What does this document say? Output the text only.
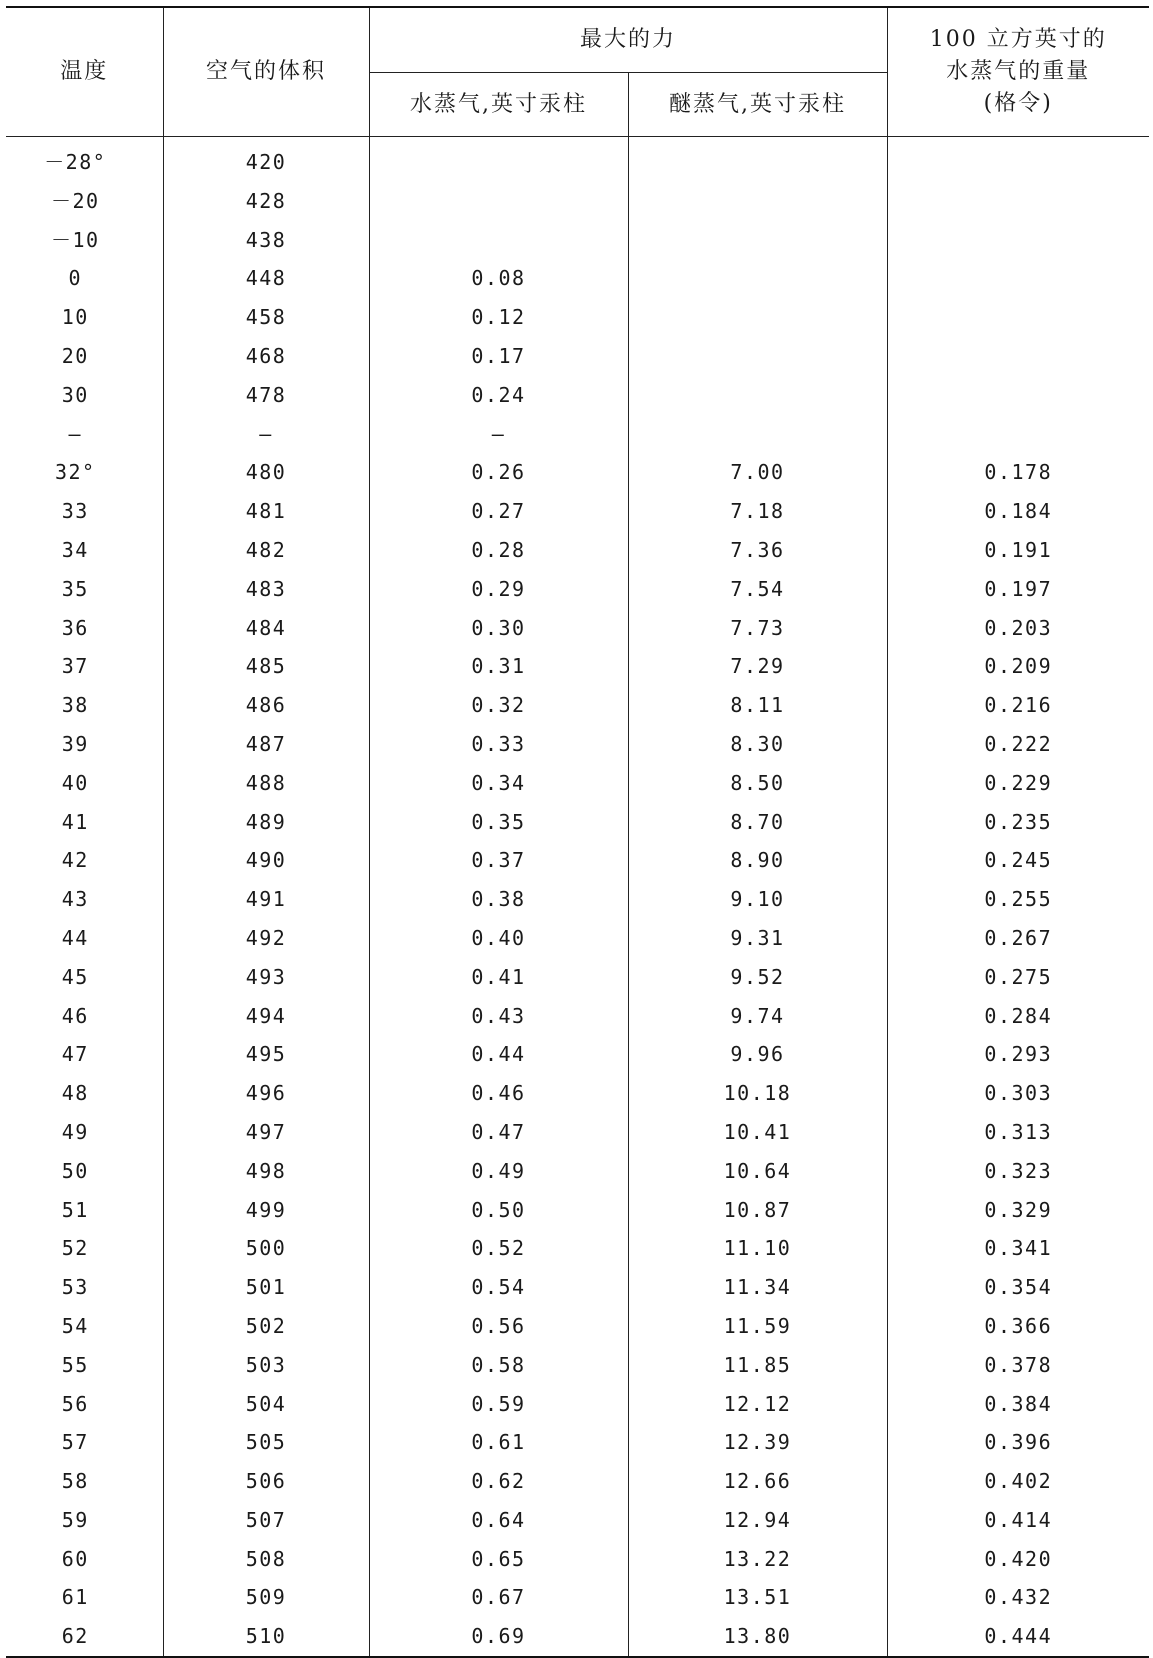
温度	空气的体积	最大的力		100 立方英寸的
水蒸气的重量
(格令)

		水蒸气,英寸汞柱	醚蒸气,英寸汞柱	
－28°	420			
－20	428			
－10	438			
0	448	0.08		
10	458	0.12		
20	468	0.17		
30	478	0.24		
—	—	—		
32°	480	0.26	7.00	0.178
33	481	0.27	7.18	0.184
34	482	0.28	7.36	0.191
35	483	0.29	7.54	0.197
36	484	0.30	7.73	0.203
37	485	0.31	7.29	0.209
38	486	0.32	8.11	0.216
39	487	0.33	8.30	0.222
40	488	0.34	8.50	0.229
41	489	0.35	8.70	0.235
42	490	0.37	8.90	0.245
43	491	0.38	9.10	0.255
44	492	0.40	9.31	0.267
45	493	0.41	9.52	0.275
46	494	0.43	9.74	0.284
47	495	0.44	9.96	0.293
48	496	0.46	10.18	0.303
49	497	0.47	10.41	0.313
50	498	0.49	10.64	0.323
51	499	0.50	10.87	0.329
52	500	0.52	11.10	0.341
53	501	0.54	11.34	0.354
54	502	0.56	11.59	0.366
55	503	0.58	11.85	0.378
56	504	0.59	12.12	0.384
57	505	0.61	12.39	0.396
58	506	0.62	12.66	0.402
59	507	0.64	12.94	0.414
60	508	0.65	13.22	0.420
61	509	0.67	13.51	0.432
62	510	0.69	13.80	0.444
